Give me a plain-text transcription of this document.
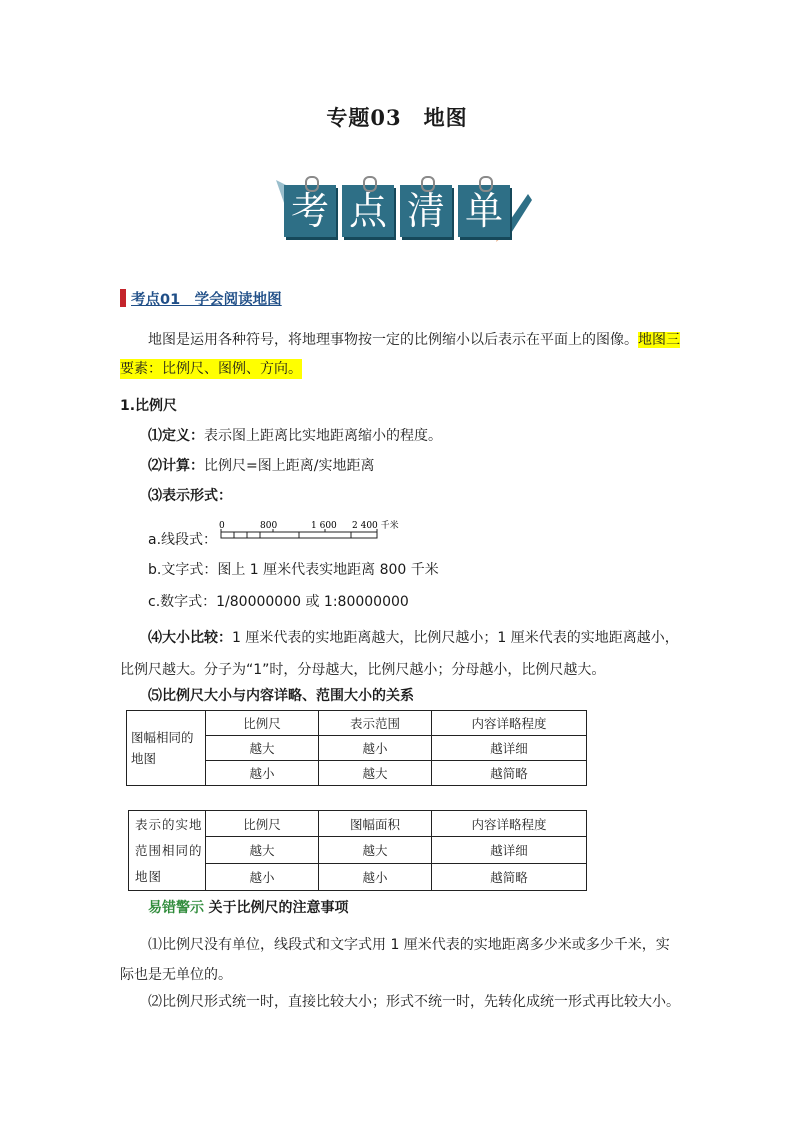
专题03　地图
考 点 清 单
考点01　学会阅读地图
地图是运用各种符号，将地理事物按一定的比例缩小以后表示在平面上的图像。地图三
要素：比例尺、图例、方向。
1.比例尺
⑴定义：表示图上距离比实地距离缩小的程度。
⑵计算：比例尺=图上距离/实地距离
⑶表示形式：
a.线段式：
0	800	1 600 2 400 千米
b.文字式：图上 1 厘米代表实地距离 800 千米
c.数字式：1/80000000 或 1:80000000
⑷大小比较：1 厘米代表的实地距离越大，比例尺越小；1 厘米代表的实地距离越小，
比例尺越大。分子为“1”时，分母越大，比例尺越小；分母越小，比例尺越大。
⑸比例尺大小与内容详略、范围大小的关系
图幅相同的地图	比例尺	表示范围	内容详略程度
	越大	越小	越详细
	越小	越大	越简略
表示的实地范围相同的地图	比例尺	图幅面积	内容详略程度
	越大	越大	越详细
	越小	越小	越简略
易错警示 关于比例尺的注意事项
⑴比例尺没有单位，线段式和文字式用 1 厘米代表的实地距离多少米或多少千米，实
际也是无单位的。
⑵比例尺形式统一时，直接比较大小；形式不统一时，先转化成统一形式再比较大小。
